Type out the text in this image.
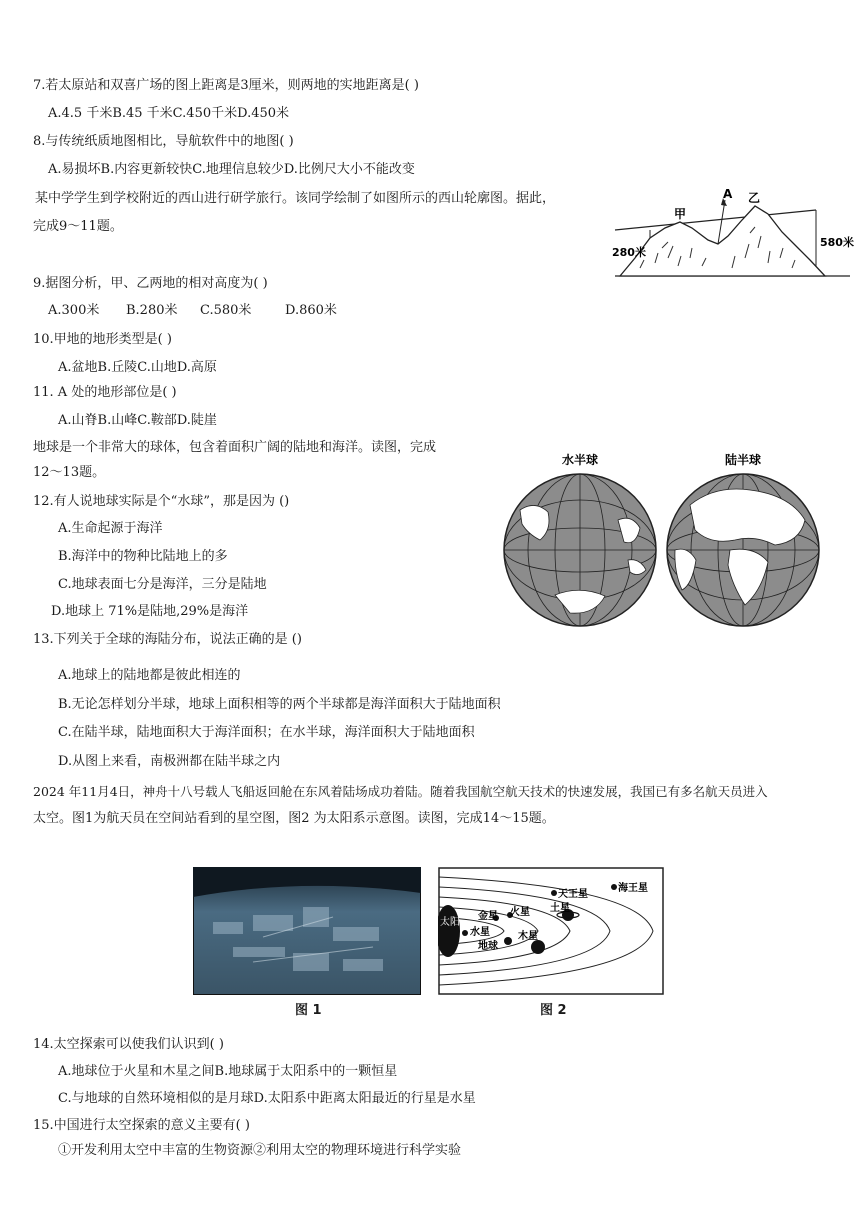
7.若太原站和双喜广场的图上距离是3厘米，则两地的实地距离是( )
A.4.5 千米B.45 千米C.450千米D.450米
8.与传统纸质地图相比，导航软件中的地图( )
A.易损坏B.内容更新较快C.地理信息较少D.比例尺大小不能改变
某中学学生到学校附近的西山进行研学旅行。该同学绘制了如图所示的西山轮廓图。据此，
完成9～11题。
A
甲
乙
280米
580米
9.据图分析，甲、乙两地的相对高度为( )
A.300米 B.280米 C.580米	D.860米
10.甲地的地形类型是( )
A.盆地B.丘陵C.山地D.高原
11. A 处的地形部位是( )
A.山脊B.山峰C.鞍部D.陡崖
地球是一个非常大的球体，包含着面积广阔的陆地和海洋。读图，完成
12～13题。
水半球	陆半球
12.有人说地球实际是个“水球”，那是因为 ()
A.生命起源于海洋
B.海洋中的物种比陆地上的多
C.地球表面七分是海洋，三分是陆地
D.地球上 71%是陆地,29%是海洋
13.下列关于全球的海陆分布，说法正确的是 ()
A.地球上的陆地都是彼此相连的
B.无论怎样划分半球，地球上面积相等的两个半球都是海洋面积大于陆地面积
C.在陆半球，陆地面积大于海洋面积；在水半球，海洋面积大于陆地面积
D.从图上来看，南极洲都在陆半球之内
2024 年11月4日，神舟十八号载人飞船返回舱在东风着陆场成功着陆。随着我国航空航天技术的快速发展，我国已有多名航天员进入
太空。图1为航天员在空间站看到的星空图，图2 为太阳系示意图。读图，完成14～15题。
图 1
太阳
水星
金星
地球
火星
木星
土星
天王星
海王星
图 2
14.太空探索可以使我们认识到( )
A.地球位于火星和木星之间B.地球属于太阳系中的一颗恒星
C.与地球的自然环境相似的是月球D.太阳系中距离太阳最近的行星是水星
15.中国进行太空探索的意义主要有( )
①开发利用太空中丰富的生物资源②利用太空的物理环境进行科学实验
